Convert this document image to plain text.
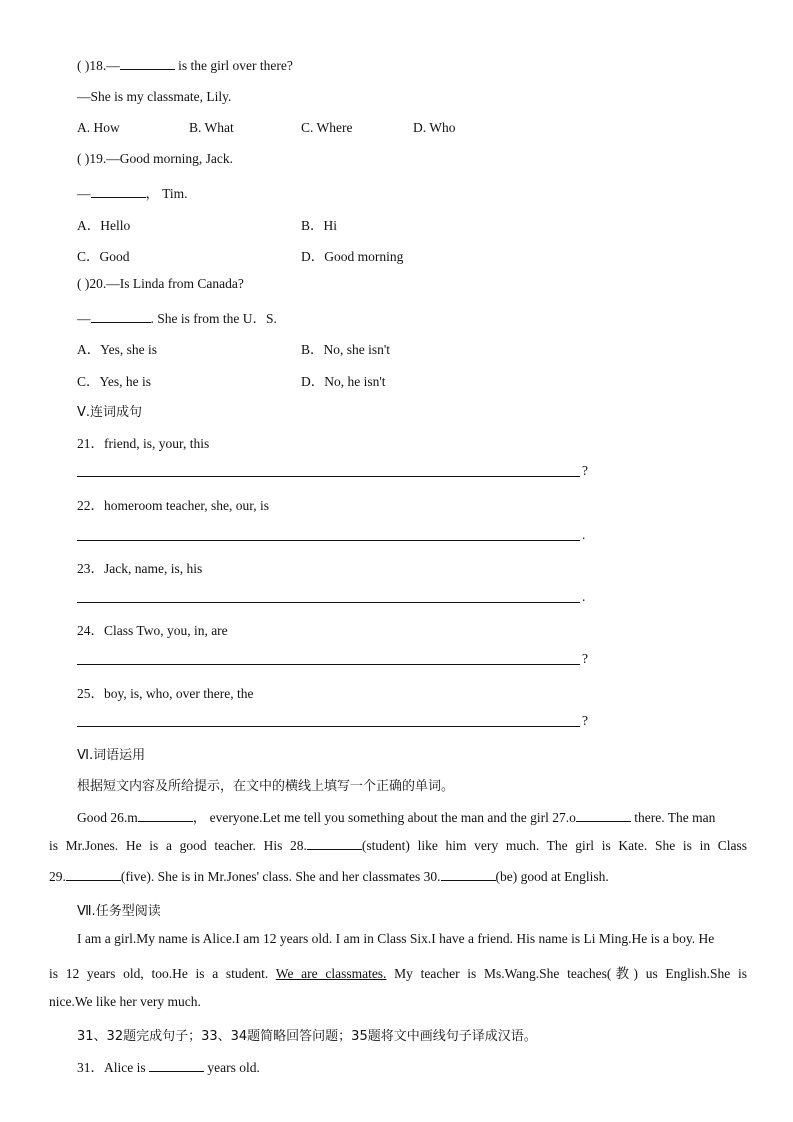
( )18.—	is the girl over there?
—She is my classmate, Lily.
A. How	B. What	C. Where	D. Who
( )19.—Good morning, Jack.
—	， Tim.
A．Hello	B．Hi
C．Good	D．Good morning
( )20.—Is Linda from Canada?
—	. She is from the U．S.
A．Yes, she is	B．No, she isn't
C．Yes, he is	D．No, he isn't
Ⅴ.连词成句
21．friend, is, your, this
?
22．homeroom teacher, she, our, is
.
23．Jack, name, is, his
.
24．Class Two, you, in, are
?
25．boy, is, who, over there, the
?
Ⅵ.词语运用
根据短文内容及所给提示，在文中的横线上填写一个正确的单词。
Good 26.m	， everyone.Let me tell you something about the man and the girl 27.o	there. The man
is Mr.Jones. He is a good teacher. His 28.	(student) like him very much. The girl is Kate. She is in Class
29.	(five). She is in Mr.Jones' class. She and her classmates 30.	(be) good at English.
Ⅶ.任务型阅读
I am a girl.My name is Alice.I am 12 years old. I am in Class Six.I have a friend. His name is Li Ming.He is a boy. He
is 12 years old, too.He is a student. We are classmates. My teacher is Ms.Wang.She teaches(教) us English.She is
nice.We like her very much.
31、32题完成句子；33、34题简略回答问题；35题将文中画线句子译成汉语。
31．Alice is	years old.
